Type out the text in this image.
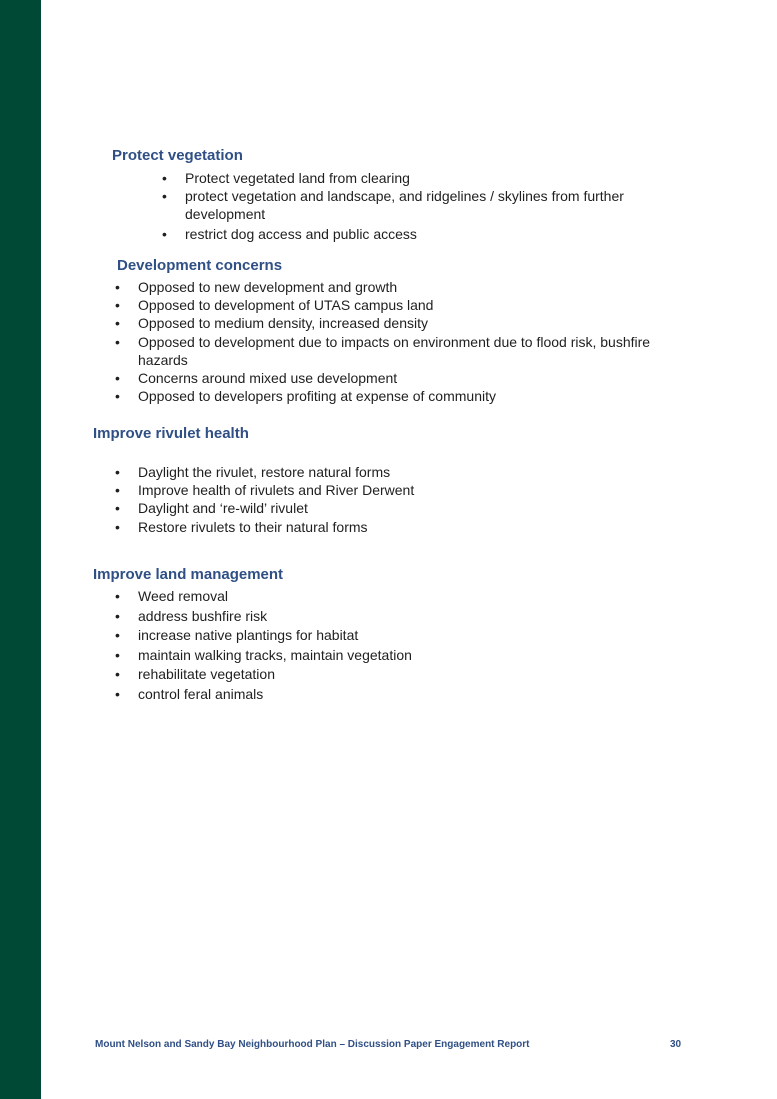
Protect vegetation
• Protect vegetated land from clearing
• protect vegetation and landscape, and ridgelines / skylines from further development
• restrict dog access and public access
Development concerns
• Opposed to new development and growth
• Opposed to development of UTAS campus land
• Opposed to medium density, increased density
• Opposed to development due to impacts on environment due to flood risk, bushfire hazards
• Concerns around mixed use development
• Opposed to developers profiting at expense of community
Improve rivulet health
• Daylight the rivulet, restore natural forms
• Improve health of rivulets and River Derwent
• Daylight and ‘re-wild’ rivulet
• Restore rivulets to their natural forms
Improve land management
• Weed removal
• address bushfire risk
• increase native plantings for habitat
• maintain walking tracks, maintain vegetation
• rehabilitate vegetation
• control feral animals
Mount Nelson and Sandy Bay Neighbourhood Plan – Discussion Paper Engagement Report	30
